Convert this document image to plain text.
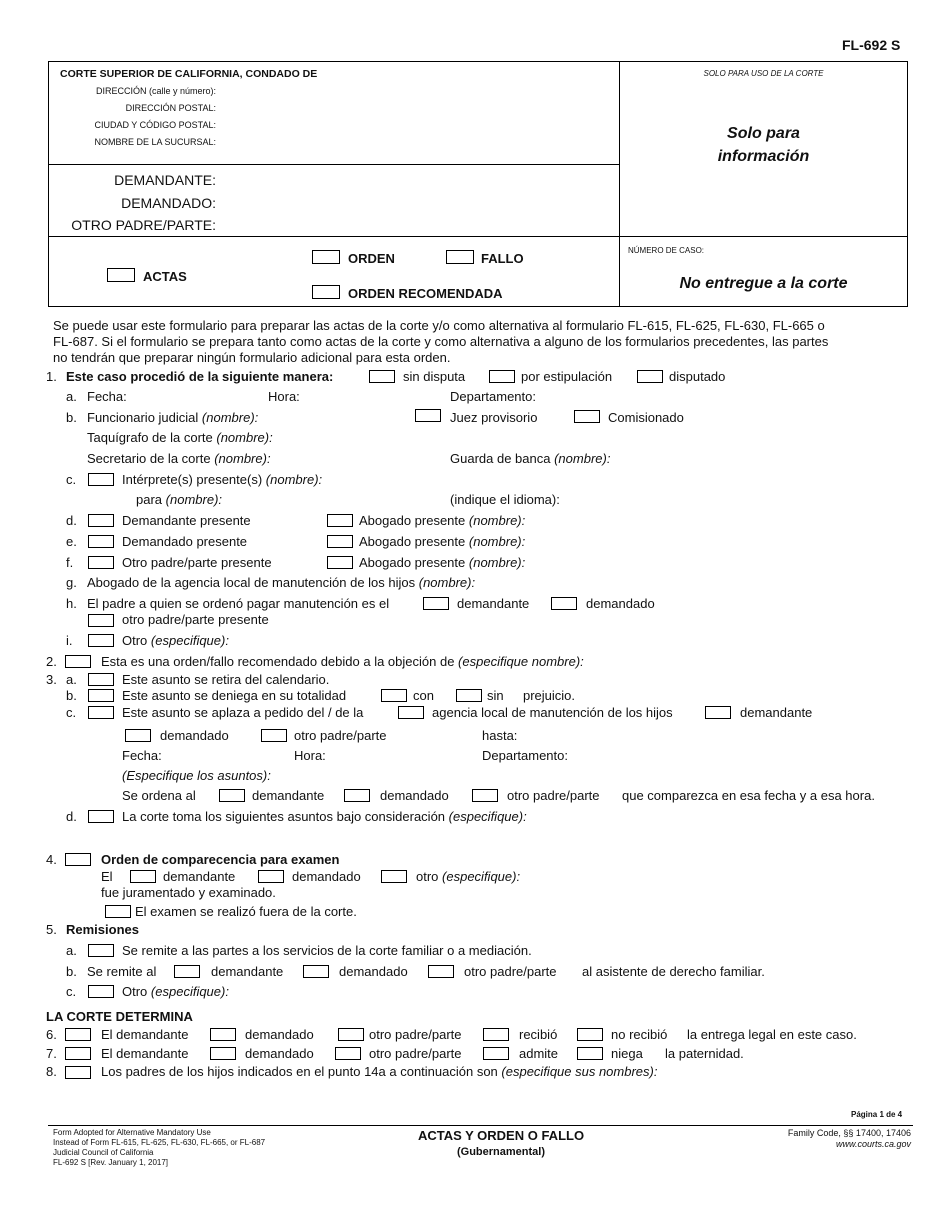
FL-692 S
CORTE SUPERIOR DE CALIFORNIA, CONDADO DE
DIRECCIÓN (calle y número):
DIRECCIÓN POSTAL:
CIUDAD Y CÓDIGO POSTAL:
NOMBRE DE LA SUCURSAL:
DEMANDANTE:
DEMANDADO:
OTRO PADRE/PARTE:
SOLO PARA USO DE LA CORTE
Solo para
información
ACTAS
ORDEN	FALLO
ORDEN RECOMENDADA
NÚMERO DE CASO:
No entregue a la corte
Se puede usar este formulario para preparar las actas de la corte y/o como alternativa al formulario FL-615, FL-625, FL-630, FL-665 o
FL-687. Si el formulario se prepara tanto como actas de la corte y como alternativa a alguno de los formularios precedentes, las partes
no tendrán que preparar ningún formulario adicional para esta orden.
1. Este caso procedió de la siguiente manera:	sin disputa	por estipulación	disputado
a. Fecha:	Hora:	Departamento:
b. Funcionario judicial (nombre):	Juez provisorio	Comisionado
Taquígrafo de la corte (nombre):
Secretario de la corte (nombre):	Guarda de banca (nombre):
c.	Intérprete(s) presente(s) (nombre):
para (nombre):	(indique el idioma):
d.	Demandante presente	Abogado presente (nombre):
e.	Demandado presente	Abogado presente (nombre):
f.	Otro padre/parte presente	Abogado presente (nombre):
g. Abogado de la agencia local de manutención de los hijos (nombre):
h. El padre a quien se ordenó pagar manutención es el	demandante	demandado
otro padre/parte presente
i.	Otro (especifique):
2.	Esta es una orden/fallo recomendado debido a la objeción de (especifique nombre):
3. a.	Este asunto se retira del calendario.
b.	Este asunto se deniega en su totalidad	con	sin prejuicio.
c.	Este asunto se aplaza a pedido del / de la	agencia local de manutención de los hijos	demandante
demandado	otro padre/parte	hasta:
Fecha:	Hora:	Departamento:
(Especifique los asuntos):
Se ordena al	demandante	demandado	otro padre/parte que comparezca en esa fecha y a esa hora.
d.	La corte toma los siguientes asuntos bajo consideración (especifique):
4.	Orden de comparecencia para examen
El	demandante	demandado	otro (especifique):
fue juramentado y examinado.
El examen se realizó fuera de la corte.
5. Remisiones
a.	Se remite a las partes a los servicios de la corte familiar o a mediación.
b. Se remite al	demandante	demandado	otro padre/parte al asistente de derecho familiar.
c.	Otro (especifique):
LA CORTE DETERMINA
6.	El demandante	demandado	otro padre/parte	recibió	no recibió la entrega legal en este caso.
7.	El demandante	demandado	otro padre/parte	admite	niega la paternidad.
8.	Los padres de los hijos indicados en el punto 14a a continuación son (especifique sus nombres):
Página 1 de 4
Form Adopted for Alternative Mandatory Use
Instead of Form FL-615, FL-625, FL-630, FL-665, or FL-687
Judicial Council of California
FL-692 S [Rev. January 1, 2017]
ACTAS Y ORDEN O FALLO
(Gubernamental)
Family Code, §§ 17400, 17406
www.courts.ca.gov
